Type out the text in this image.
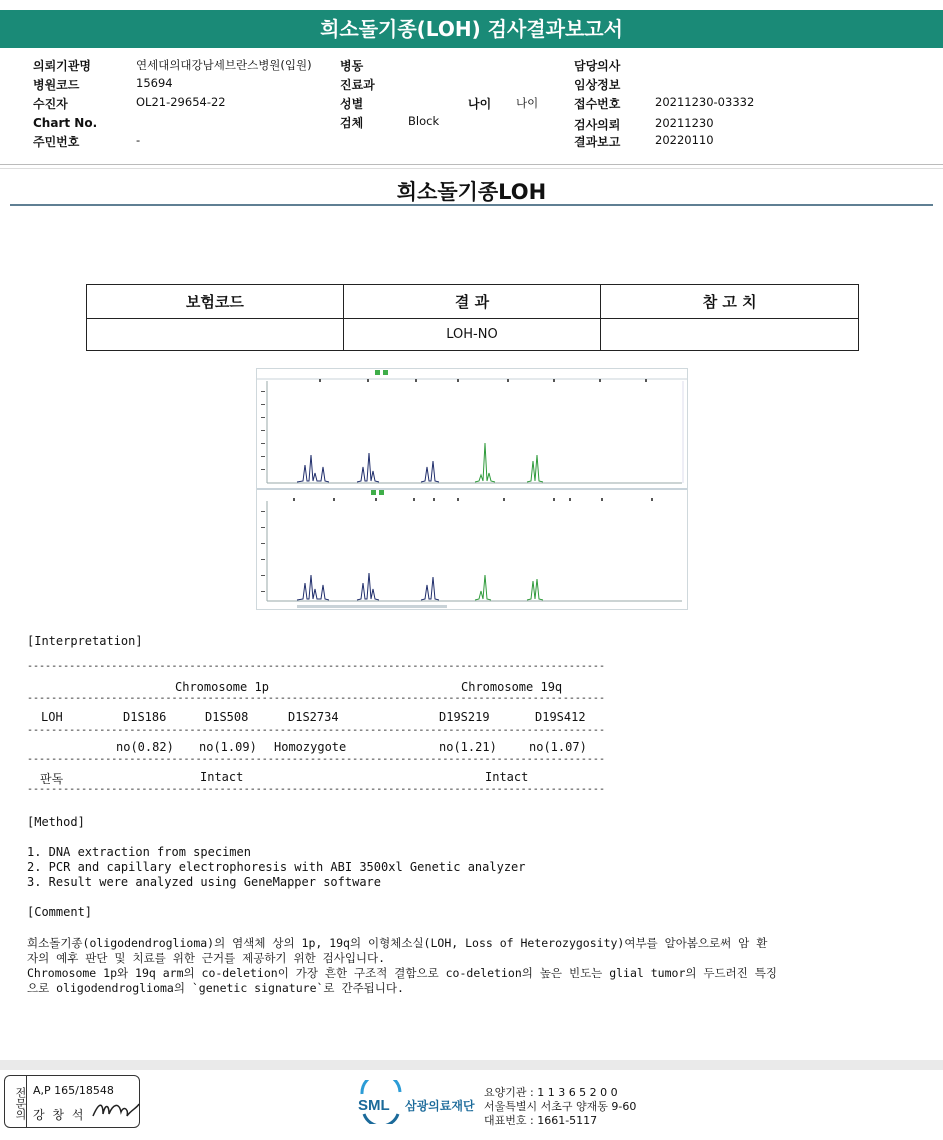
희소돌기종(LOH) 검사결과보고서
의뢰기관명	연세대의대강남세브란스병원(입원)
병원코드	15694
수진자	OL21-29654-22
Chart No.
주민번호	-
병동
진료과
성별
검체	Block
나이 나이
담당의사
임상정보
접수번호	20211230-03332
검사의뢰	20211230
결과보고	20220110
희소돌기종LOH
보험코드	결 과	참 고 치
	LOH-NO	
[Interpretation]
------------------------------------------------------------------------------------------------
Chromosome 1p	Chromosome 19q
------------------------------------------------------------------------------------------------
LOH	D1S186	D1S508	D1S2734	D19S219	D19S412
------------------------------------------------------------------------------------------------
no(0.82) no(1.09) Homozygote	no(1.21)	no(1.07)
------------------------------------------------------------------------------------------------
판독	Intact	Intact
------------------------------------------------------------------------------------------------
[Method]
1. DNA extraction from specimen
2. PCR and capillary electrophoresis with ABI 3500xl Genetic analyzer
3. Result were analyzed using GeneMapper software
[Comment]
희소돌기종(oligodendroglioma)의 염색체 상의 1p, 19q의 이형체소실(LOH, Loss of Heterozygosity)여부를 알아봄으로써 암 환
자의 예후 판단 및 치료를 위한 근거를 제공하기 위한 검사입니다.
Chromosome 1p와 19q arm의 co-deletion이 가장 흔한 구조적 결함으로 co-deletion의 높은 빈도는 glial tumor의 두드러진 특징
으로 oligodendroglioma의 `genetic signature`로 간주됩니다.
전문의 A,P 165/18548
강 창 석
SML 삼광의료재단
요양기관 : 1 1 3 6 5 2 0 0
서울특별시 서초구 양재동 9-60
대표번호 : 1661-5117
